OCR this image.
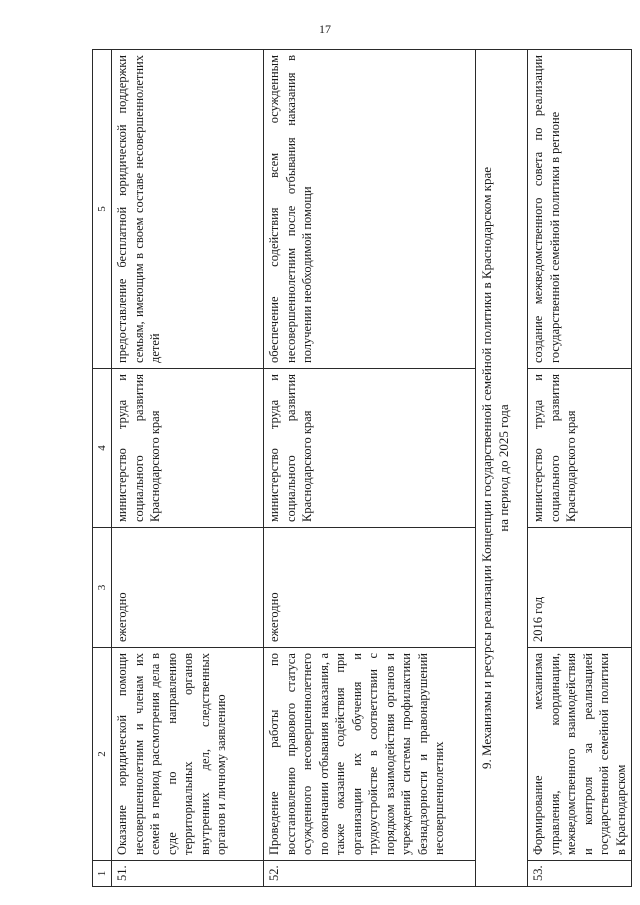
17
1	2	3	4	5
51.	Оказание юридической помощи несовершеннолетним и членам их семей в период рассмотрения дела в суде по направлению территориальных органов внутренних дел, следственных органов и личному заявлению	ежегодно	министерство труда и социального развития Краснодарского края	предоставление бесплатной юридической поддержки семьям, имеющим в своем составе несовершеннолетних детей
52.	Проведение работы по восстановлению правового статуса осужденного несовершеннолетнего по окончании отбывания наказания, а также оказание содействия при организации их обучения и трудоустройстве в соответствии с порядком взаимодействия органов и учреждений системы профилактики безнадзорности и правонарушений несовершеннолетних	ежегодно	министерство труда и социального развития Краснодарского края	обеспечение содействия всем осужденным несовершеннолетним после отбывания наказания в получении необходимой помощи

9. Механизмы и ресурсы реализации Концепции государственной семейной политики в Краснодарском крае на период до 2025 года				

53.	Формирование механизма управления, координации, межведомственного взаимодействия и контроля за реализацией государственной семейной политики в Краснодарском	2016 год	министерство труда и социального развития Краснодарского края	создание межведомственного совета по реализации государственной семейной политики в регионе
